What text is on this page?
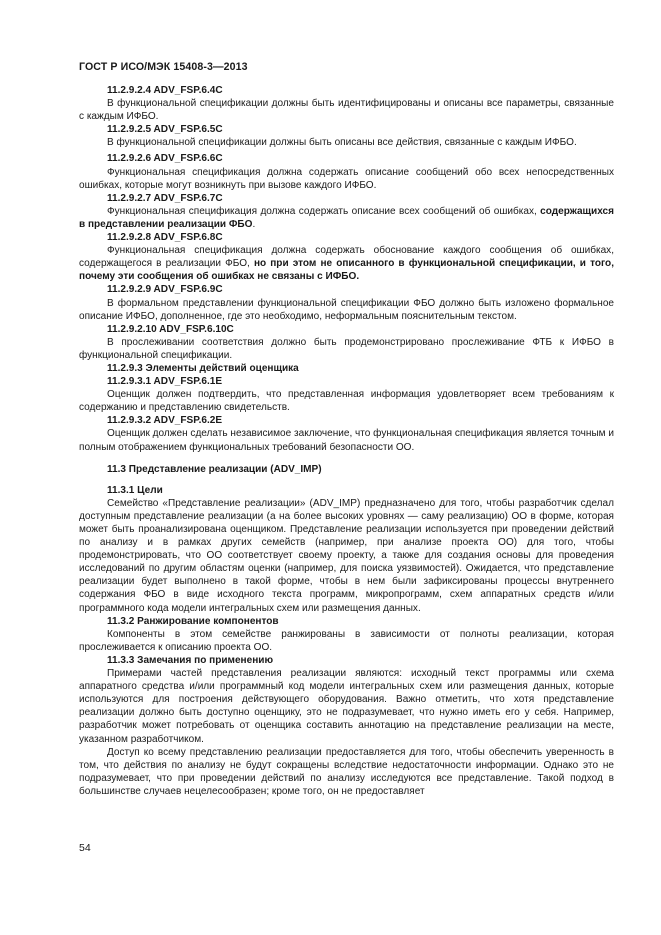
ГОСТ Р ИСО/МЭК 15408-3—2013
11.2.9.2.4 ADV_FSP.6.4C
В функциональной спецификации должны быть идентифицированы и описаны все параметры, связанные с каждым ИФБО.
11.2.9.2.5 ADV_FSP.6.5C
В функциональной спецификации должны быть описаны все действия, связанные с каждым ИФБО.
11.2.9.2.6 ADV_FSP.6.6C
Функциональная спецификация должна содержать описание сообщений обо всех непосредственных ошибках, которые могут возникнуть при вызове каждого ИФБО.
11.2.9.2.7 ADV_FSP.6.7C
Функциональная спецификация должна содержать описание всех сообщений об ошибках, содержащихся в представлении реализации ФБО.
11.2.9.2.8 ADV_FSP.6.8C
Функциональная спецификация должна содержать обоснование каждого сообщения об ошибках, содержащегося в реализации ФБО, но при этом не описанного в функциональной спецификации, и того, почему эти сообщения об ошибках не связаны с ИФБО.
11.2.9.2.9 ADV_FSP.6.9C
В формальном представлении функциональной спецификации ФБО должно быть изложено формальное описание ИФБО, дополненное, где это необходимо, неформальным пояснительным текстом.
11.2.9.2.10 ADV_FSP.6.10C
В прослеживании соответствия должно быть продемонстрировано прослеживание ФТБ к ИФБО в функциональной спецификации.
11.2.9.3 Элементы действий оценщика
11.2.9.3.1 ADV_FSP.6.1E
Оценщик должен подтвердить, что представленная информация удовлетворяет всем требованиям к содержанию и представлению свидетельств.
11.2.9.3.2 ADV_FSP.6.2E
Оценщик должен сделать независимое заключение, что функциональная спецификация является точным и полным отображением функциональных требований безопасности ОО.
11.3 Представление реализации (ADV_IMP)
11.3.1 Цели
Семейство «Представление реализации» (ADV_IMP) предназначено для того, чтобы разработчик сделал доступным представление реализации (а на более высоких уровнях — саму реализацию) ОО в форме, которая может быть проанализирована оценщиком. Представление реализации используется при проведении действий по анализу и в рамках других семейств (например, при анализе проекта ОО) для того, чтобы продемонстрировать, что ОО соответствует своему проекту, а также для создания основы для проведения исследований по другим областям оценки (например, для поиска уязвимостей). Ожидается, что представление реализации будет выполнено в такой форме, чтобы в нем были зафиксированы процессы внутреннего содержания ФБО в виде исходного текста программ, микропрограмм, схем аппаратных средств и/или программного кода модели интегральных схем или размещения данных.
11.3.2 Ранжирование компонентов
Компоненты в этом семействе ранжированы в зависимости от полноты реализации, которая прослеживается к описанию проекта ОО.
11.3.3 Замечания по применению
Примерами частей представления реализации являются: исходный текст программы или схема аппаратного средства и/или программный код модели интегральных схем или размещения данных, которые используются для построения действующего оборудования. Важно отметить, что хотя представление реализации должно быть доступно оценщику, это не подразумевает, что нужно иметь его у себя. Например, разработчик может потребовать от оценщика составить аннотацию на представление реализации на месте, указанном разработчиком.
Доступ ко всему представлению реализации предоставляется для того, чтобы обеспечить уверенность в том, что действия по анализу не будут сокращены вследствие недостаточности информации. Однако это не подразумевает, что при проведении действий по анализу исследуются все представление. Такой подход в большинстве случаев нецелесообразен; кроме того, он не предоставляет
54
